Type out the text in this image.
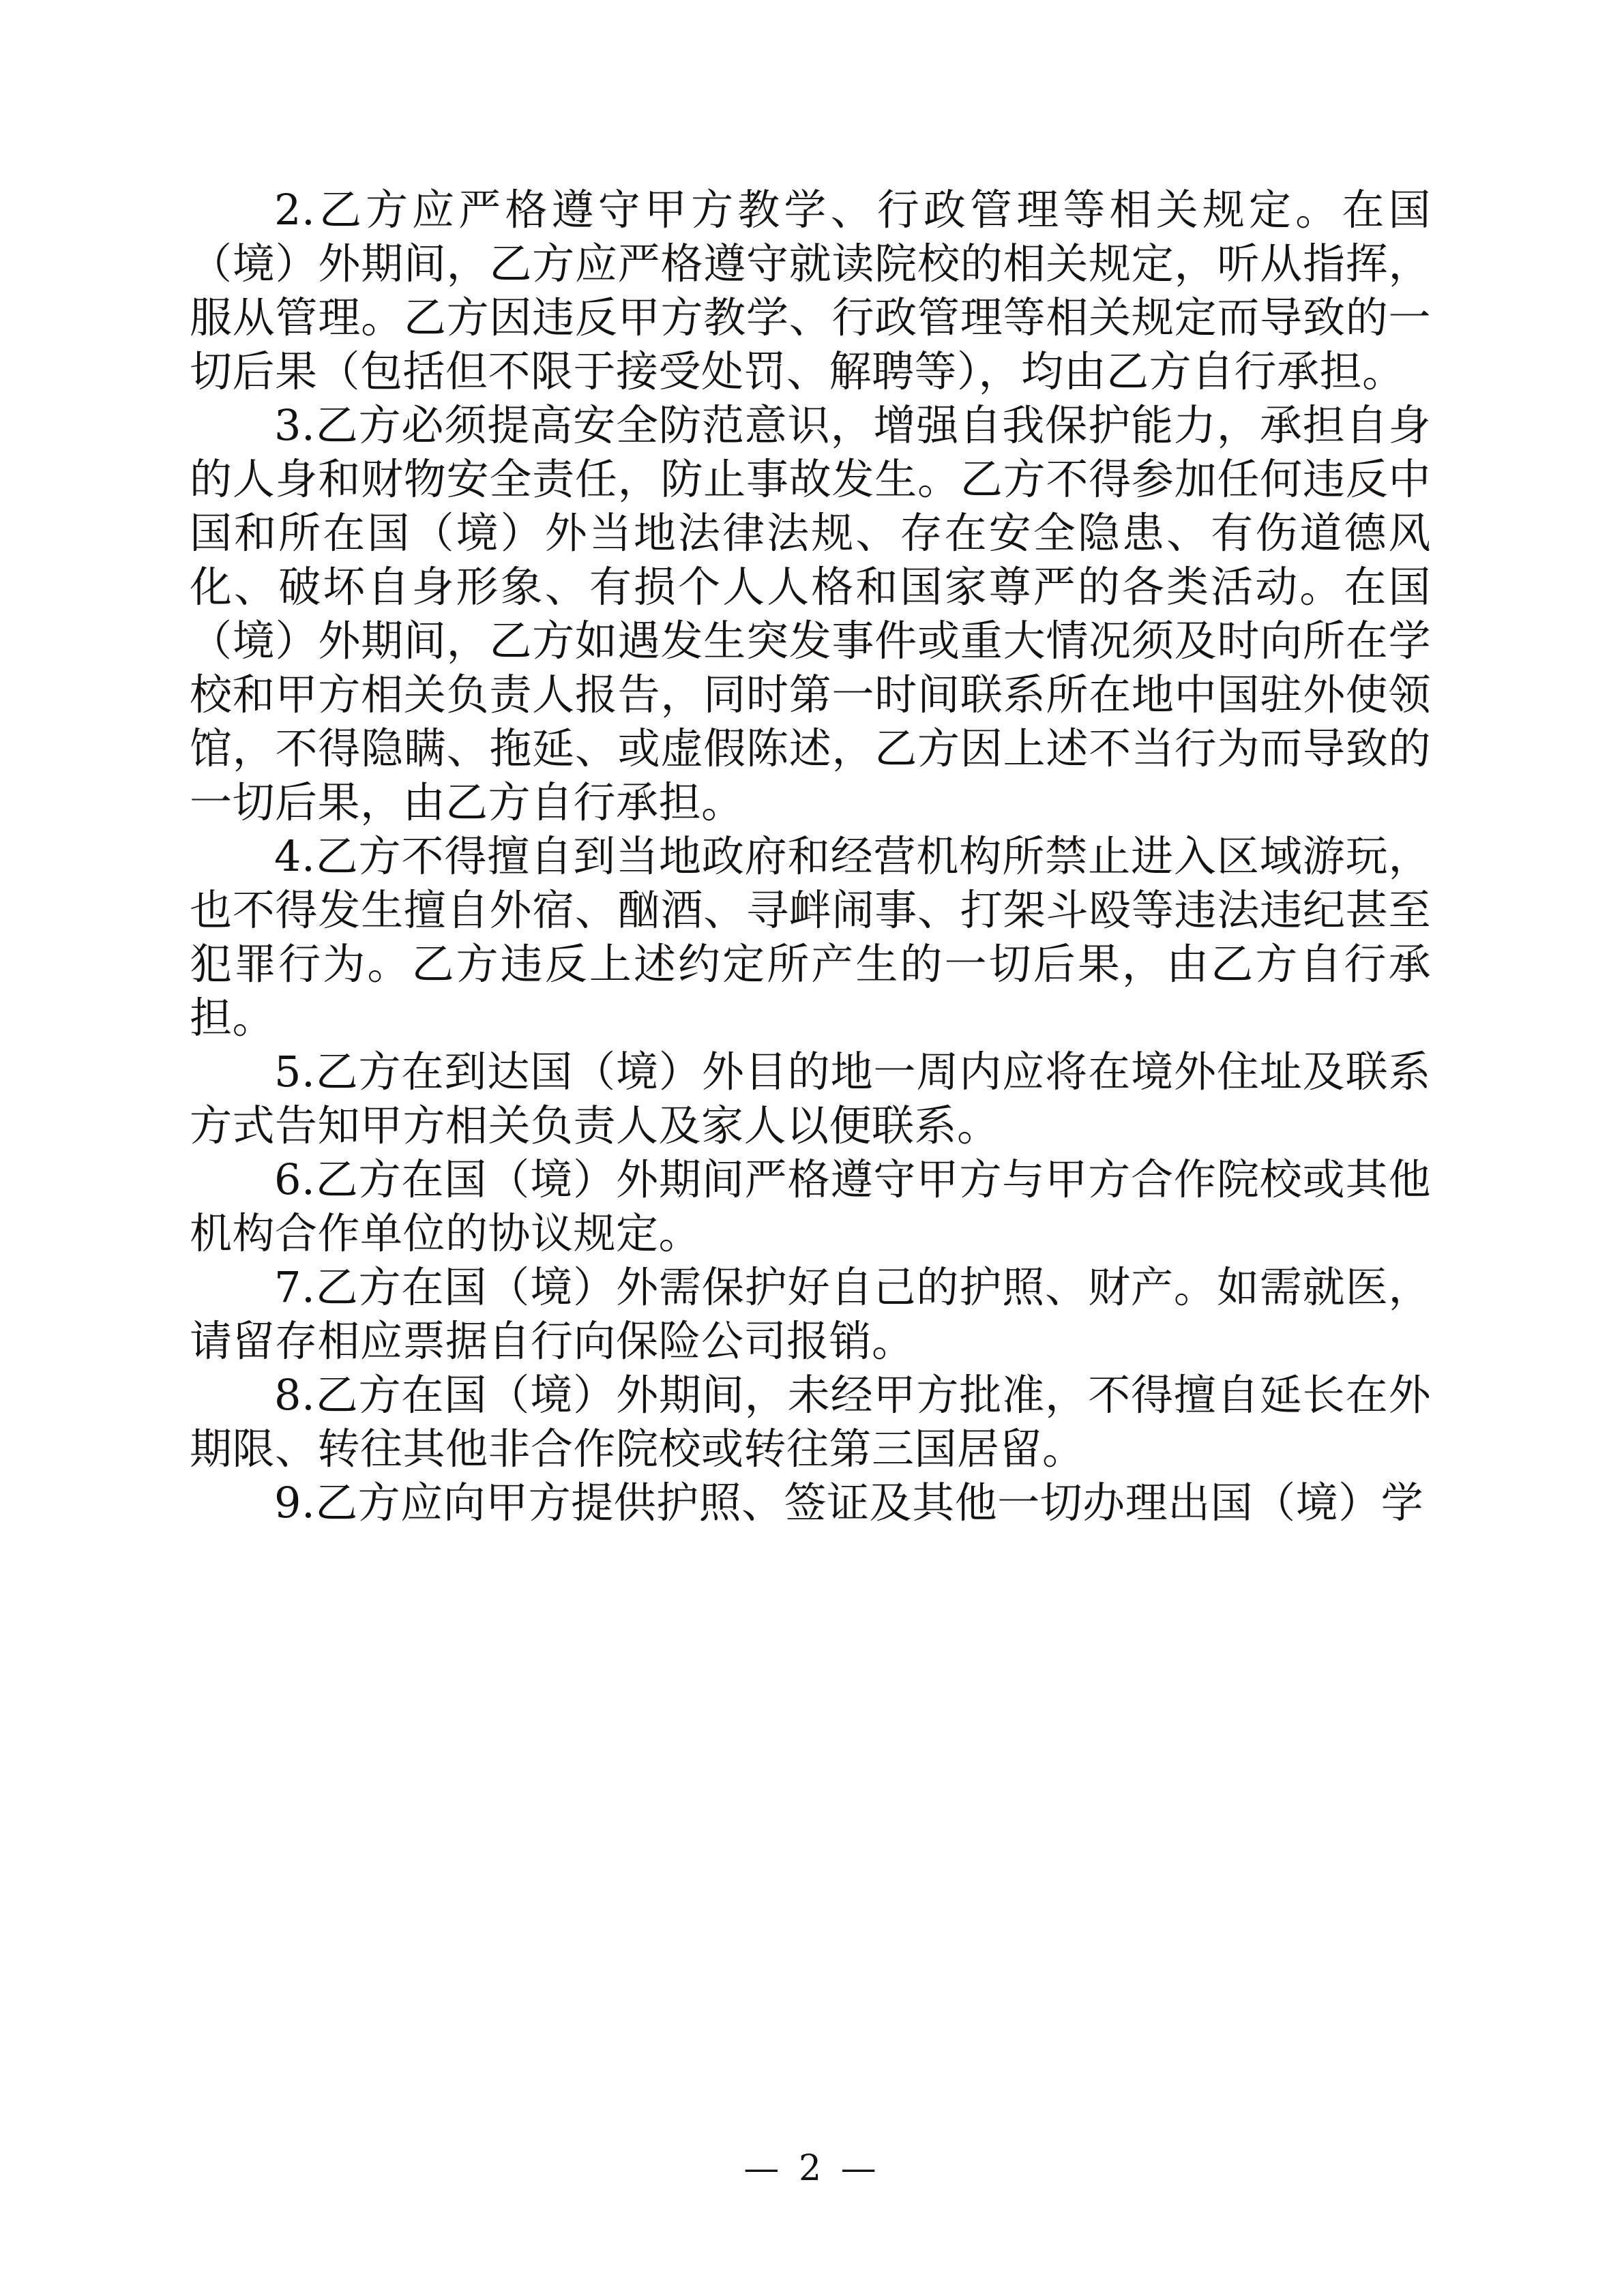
2.乙方应严格遵守甲方教学、行政管理等相关规定。在国（境）外期间，乙方应严格遵守就读院校的相关规定，听从指挥，服从管理。乙方因违反甲方教学、行政管理等相关规定而导致的一切后果（包括但不限于接受处罚、解聘等），均由乙方自行承担。

3.乙方必须提高安全防范意识，增强自我保护能力，承担自身的人身和财物安全责任，防止事故发生。乙方不得参加任何违反中国和所在国（境）外当地法律法规、存在安全隐患、有伤道德风化、破坏自身形象、有损个人人格和国家尊严的各类活动。在国（境）外期间，乙方如遇发生突发事件或重大情况须及时向所在学校和甲方相关负责人报告，同时第一时间联系所在地中国驻外使领馆，不得隐瞒、拖延、或虚假陈述，乙方因上述不当行为而导致的一切后果，由乙方自行承担。

4.乙方不得擅自到当地政府和经营机构所禁止进入区域游玩，也不得发生擅自外宿、酗酒、寻衅闹事、打架斗殴等违法违纪甚至犯罪行为。乙方违反上述约定所产生的一切后果，由乙方自行承担。

5.乙方在到达国（境）外目的地一周内应将在境外住址及联系方式告知甲方相关负责人及家人以便联系。

6.乙方在国（境）外期间严格遵守甲方与甲方合作院校或其他机构合作单位的协议规定。

7.乙方在国（境）外需保护好自己的护照、财产。如需就医，请留存相应票据自行向保险公司报销。

8.乙方在国（境）外期间，未经甲方批准，不得擅自延长在外期限、转往其他非合作院校或转往第三国居留。

9.乙方应向甲方提供护照、签证及其他一切办理出国（境）学

— 2 —
